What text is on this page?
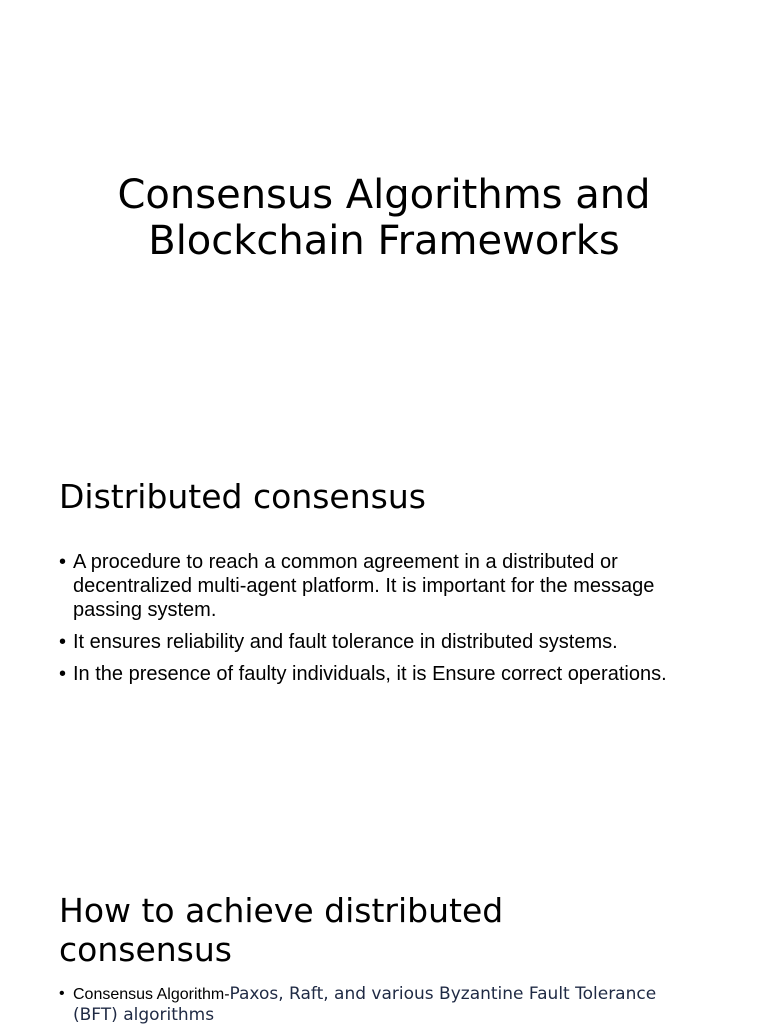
Consensus Algorithms and
Blockchain Frameworks
Distributed consensus
• A procedure to reach a common agreement in a distributed or decentralized multi-agent platform. It is important for the message passing system.
• It ensures reliability and fault tolerance in distributed systems.
• In the presence of faulty individuals, it is Ensure correct operations.
How to achieve distributed
consensus
• Consensus Algorithm-Paxos, Raft, and various Byzantine Fault Tolerance (BFT) algorithms
